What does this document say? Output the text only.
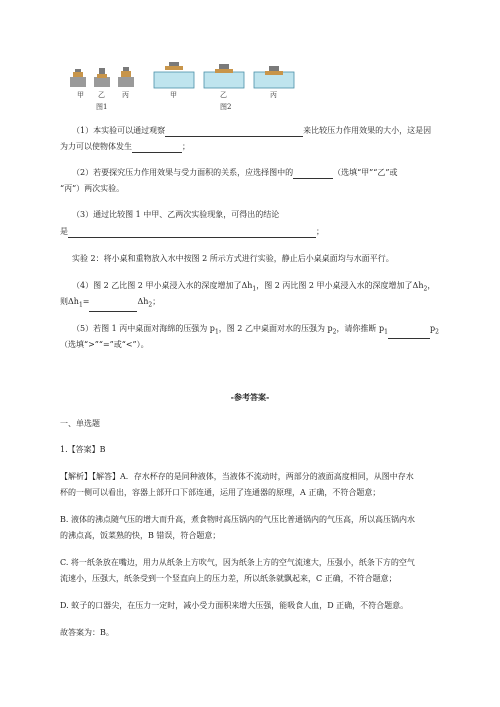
甲 乙 丙
图1
甲	乙	丙
图2
（1）本实验可以通过观察	来比较压力作用效果的大小，这是因
为力可以使物体发生	；
（2）若要探究压力作用效果与受力面积的关系，应选择图中的	（选填“甲”“乙”或
“丙”）两次实验。
（3）通过比较图 1 中甲、乙两次实验现象，可得出的结论
是	；
实验 2：将小桌和重物放入水中按图 2 所示方式进行实验，静止后小桌桌面均与水面平行。
（4）图 2 乙比图 2 甲小桌浸入水的深度增加了$\Delta h_1$，图 2 丙比图 2 甲小桌浸入水的深度增加了$\Delta h_2$，
则$\Delta h_1=$	$\Delta h_2$；
（5）若图 1 丙中桌面对海绵的压强为 $p_1$，图 2 乙中桌面对水的压强为 $p_2$，请你推断 $p_1$	$p_2$
（选填“>”“=”或“<”）。
-参考答案-
一、单选题
1.【答案】B
【解析】【解答】A．存水杯存的是同种液体，当液体不流动时，两部分的液面高度相同，从图中存水
杯的一侧可以看出，容器上部开口下部连通，运用了连通器的原理，A 正确，不符合题意；
B. 液体的沸点随气压的增大而升高，煮食物时高压锅内的气压比普通锅内的气压高，所以高压锅内水
的沸点高，饭菜熟的快，B 错误，符合题意；
C. 将一纸条放在嘴边，用力从纸条上方吹气，因为纸条上方的空气流速大，压强小，纸条下方的空气
流速小，压强大，纸条受到一个竖直向上的压力差，所以纸条就飘起来，C 正确，不符合题意；
D. 蚊子的口器尖，在压力一定时，减小受力面积来增大压强，能吸食人血，D 正确，不符合题意。
故答案为：B。
